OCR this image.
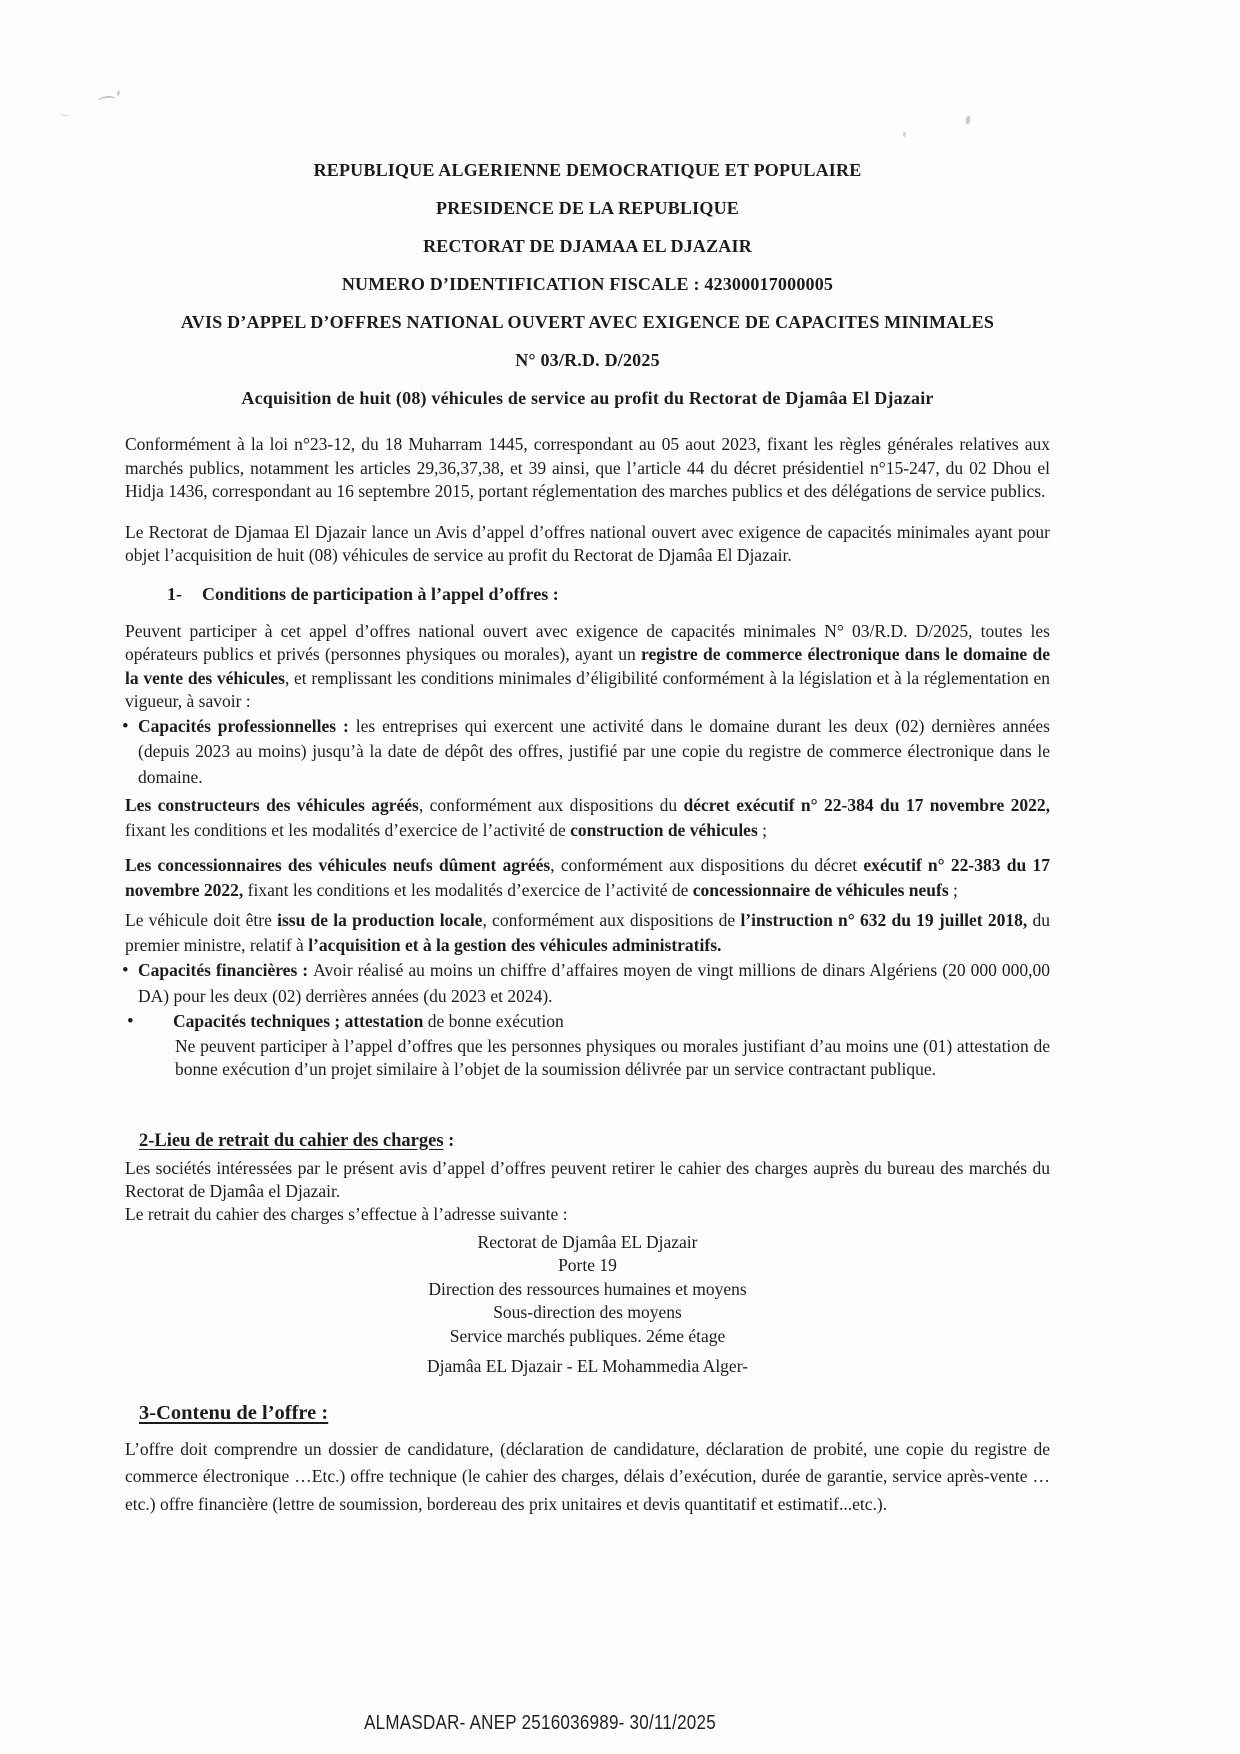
REPUBLIQUE ALGERIENNE DEMOCRATIQUE ET POPULAIRE
PRESIDENCE DE LA REPUBLIQUE
RECTORAT DE DJAMAA EL DJAZAIR
NUMERO D’IDENTIFICATION FISCALE : 42300017000005
AVIS D’APPEL D’OFFRES NATIONAL OUVERT AVEC EXIGENCE DE CAPACITES MINIMALES
N° 03/R.D. D/2025
Acquisition de huit (08) véhicules de service au profit du Rectorat de Djamâa El Djazair

Conformément à la loi n°23-12, du 18 Muharram 1445, correspondant au 05 aout 2023, fixant les règles générales relatives aux marchés publics, notamment les articles 29,36,37,38, et 39 ainsi, que l’article 44 du décret présidentiel n°15-247, du 02 Dhou el Hidja 1436, correspondant au 16 septembre 2015, portant réglementation des marches publics et des délégations de service publics.

Le Rectorat de Djamaa El Djazair lance un Avis d’appel d’offres national ouvert avec exigence de capacités minimales ayant pour objet l’acquisition de huit (08) véhicules de service au profit du Rectorat de Djamâa El Djazair.

1- Conditions de participation à l’appel d’offres :

Peuvent participer à cet appel d’offres national ouvert avec exigence de capacités minimales N° 03/R.D. D/2025, toutes les opérateurs publics et privés (personnes physiques ou morales), ayant un registre de commerce électronique dans le domaine de la vente des véhicules, et remplissant les conditions minimales d’éligibilité conformément à la législation et à la réglementation en vigueur, à savoir :

• Capacités professionnelles : les entreprises qui exercent une activité dans le domaine durant les deux (02) dernières années (depuis 2023 au moins) jusqu’à la date de dépôt des offres, justifié par une copie du registre de commerce électronique dans le domaine.

Les constructeurs des véhicules agréés, conformément aux dispositions du décret exécutif n° 22-384 du 17 novembre 2022, fixant les conditions et les modalités d’exercice de l’activité de construction de véhicules ;

Les concessionnaires des véhicules neufs dûment agréés, conformément aux dispositions du décret exécutif n° 22-383 du 17 novembre 2022, fixant les conditions et les modalités d’exercice de l’activité de concessionnaire de véhicules neufs ;

Le véhicule doit être issu de la production locale, conformément aux dispositions de l’instruction n° 632 du 19 juillet 2018, du premier ministre, relatif à l’acquisition et à la gestion des véhicules administratifs.

• Capacités financières : Avoir réalisé au moins un chiffre d’affaires moyen de vingt millions de dinars Algériens (20 000 000,00 DA) pour les deux (02) derrières années (du 2023 et 2024).
• Capacités techniques ; attestation de bonne exécution

Ne peuvent participer à l’appel d’offres que les personnes physiques ou morales justifiant d’au moins une (01) attestation de bonne exécution d’un projet similaire à l’objet de la soumission délivrée par un service contractant publique.

2-Lieu de retrait du cahier des charges :

Les sociétés intéressées par le présent avis d’appel d’offres peuvent retirer le cahier des charges auprès du bureau des marchés du Rectorat de Djamâa el Djazair.

Le retrait du cahier des charges s’effectue à l’adresse suivante :

Rectorat de Djamâa EL Djazair
Porte 19
Direction des ressources humaines et moyens
Sous-direction des moyens
Service marchés publiques. 2éme étage
Djamâa EL Djazair - EL Mohammedia Alger-
3-Contenu de l’offre :

L’offre doit comprendre un dossier de candidature, (déclaration de candidature, déclaration de probité, une copie du registre de commerce électronique …Etc.) offre technique (le cahier des charges, délais d’exécution, durée de garantie, service après-vente …etc.) offre financière (lettre de soumission, bordereau des prix unitaires et devis quantitatif et estimatif...etc.).

ALMASDAR- ANEP 2516036989- 30/11/2025
